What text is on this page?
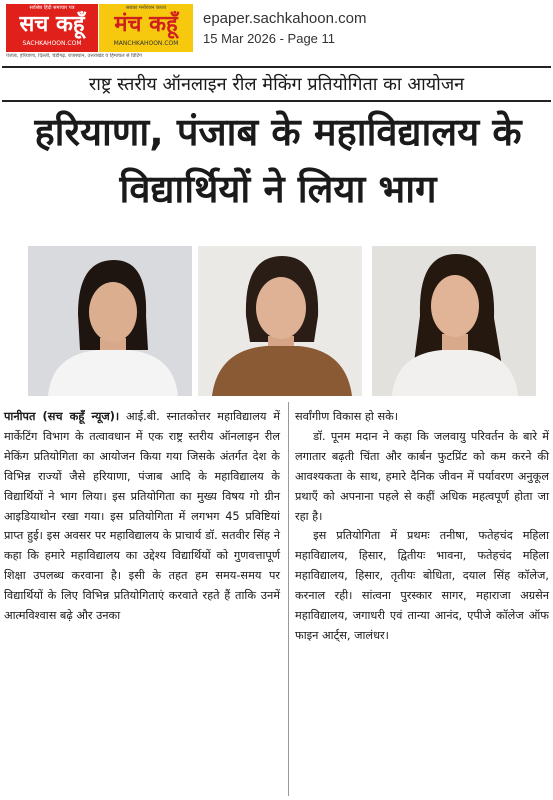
सर्वश्रेष्ठ हिंदी समाचार पत्र
सच कहूँ
SACHKAHOON.COM
सबका मनोरंजन करता
मंच कहूँ
MANCHKAHOON.COM
पंजाब, हरियाणा, दिल्ली, चंडीगढ़, राजस्थान, उत्तराखंड व हिमाचल से प्रिंटिंग
epaper.sachkahoon.com
15 Mar 2026 - Page 11
राष्ट्र स्तरीय ऑनलाइन रील मेकिंग प्रतियोगिता का आयोजन
हरियाणा, पंजाब के महाविद्यालय के विद्यार्थियों ने लिया भाग

पानीपत (सच कहूँ न्यूज)। आई.बी. स्नातकोत्तर महाविद्यालय में मार्केटिंग विभाग के तत्वावधान में एक राष्ट्र स्तरीय ऑनलाइन रील मेकिंग प्रतियोगिता का आयोजन किया गया जिसके अंतर्गत देश के विभिन्न राज्यों जैसे हरियाणा, पंजाब आदि के महाविद्यालय के विद्यार्थियों ने भाग लिया। इस प्रतियोगिता का मुख्य विषय गो ग्रीन आइडियाथोन रखा गया। इस प्रतियोगिता में लगभग 45 प्रविष्टियां प्राप्त हुई। इस अवसर पर महाविद्यालय के प्राचार्य डॉ. सतवीर सिंह ने कहा कि हमारे महाविद्यालय का उद्देश्य विद्यार्थियों को गुणवत्तापूर्ण शिक्षा उपलब्ध करवाना है। इसी के तहत हम समय-समय पर विद्यार्थियों के लिए विभिन्न प्रतियोगिताएं करवाते रहते हैं ताकि उनमें आत्मविश्वास बढ़े और उनका

सर्वांगीण विकास हो सके।

डॉ. पूनम मदान ने कहा कि जलवायु परिवर्तन के बारे में लगातार बढ़ती चिंता और कार्बन फुटप्रिंट को कम करने की आवश्यकता के साथ, हमारे दैनिक जीवन में पर्यावरण अनुकूल प्रथाएँ को अपनाना पहले से कहीं अधिक महत्वपूर्ण होता जा रहा है।

इस प्रतियोगिता में प्रथमः तनीषा, फतेहचंद महिला महाविद्यालय, हिसार, द्वितीयः भावना, फतेहचंद महिला महाविद्यालय, हिसार, तृतीयः बोधिता, दयाल सिंह कॉलेज, करनाल रही। सांत्वना पुरस्कार सागर, महाराजा अग्रसेन महाविद्यालय, जगाधरी एवं तान्या आनंद, एपीजे कॉलेज ऑफ फाइन आर्ट्स, जालंधर।
